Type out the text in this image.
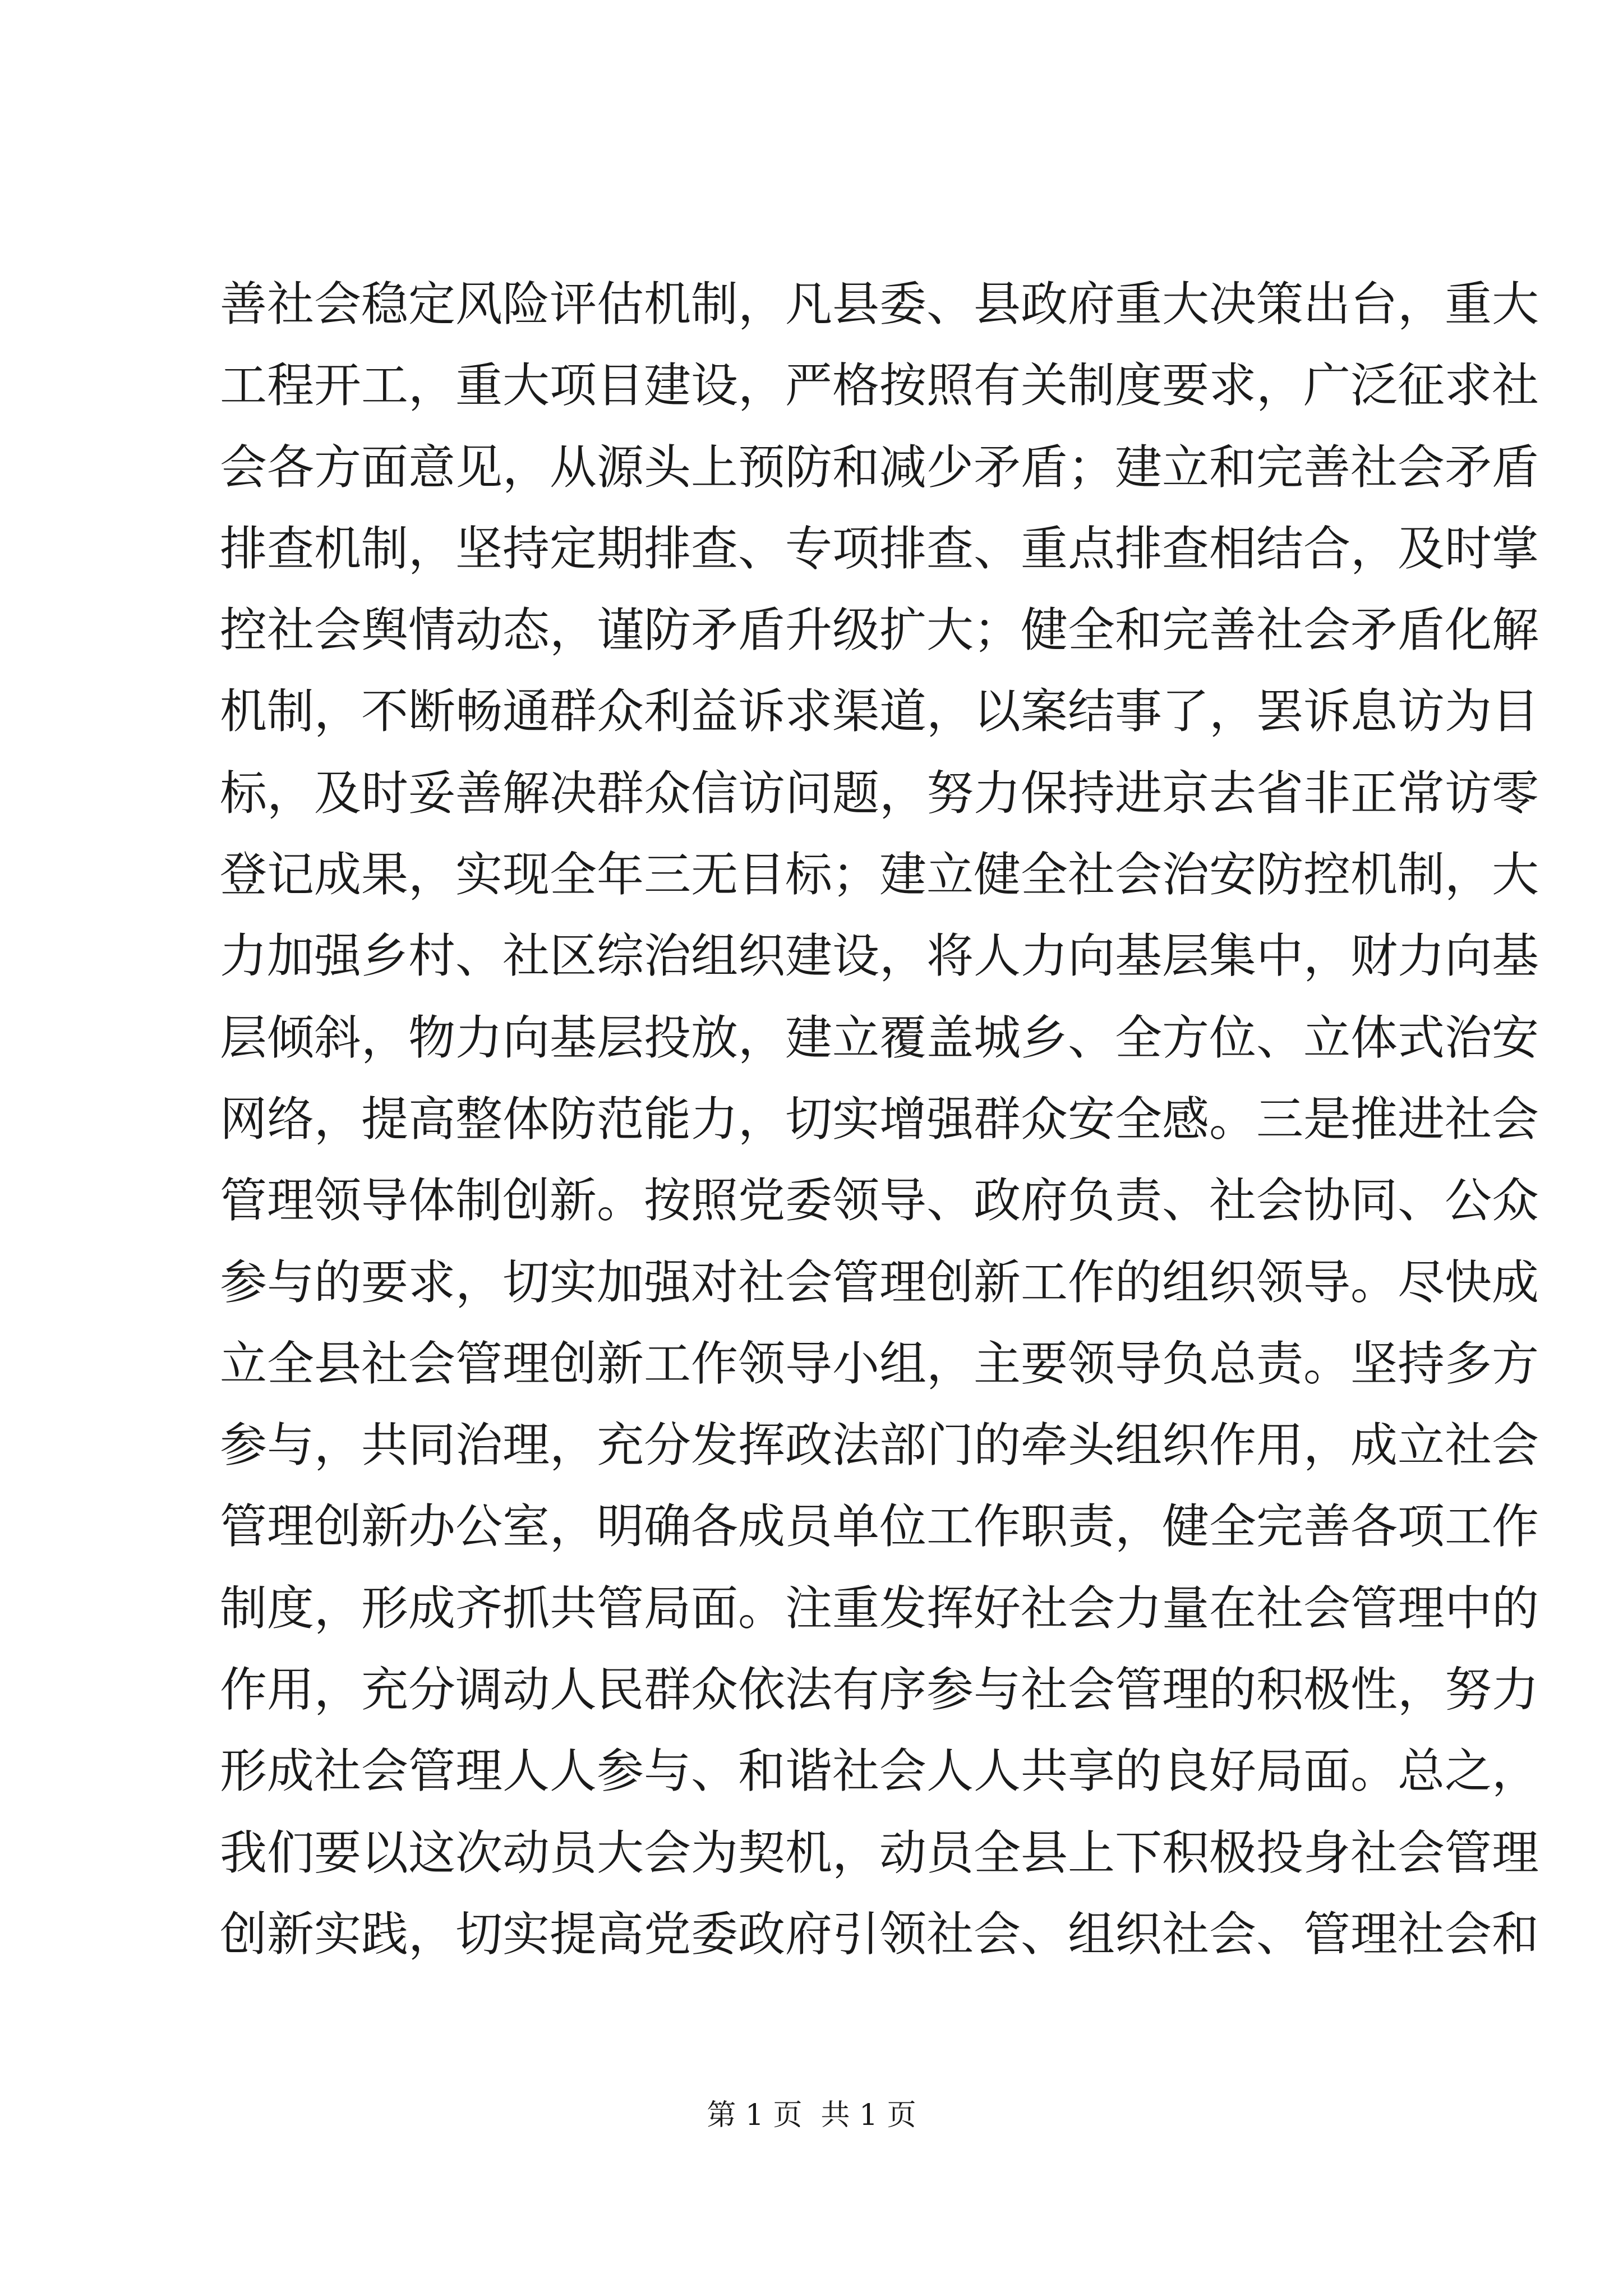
善社会稳定风险评估机制，凡县委、县政府重大决策出台，重大
工程开工，重大项目建设，严格按照有关制度要求，广泛征求社
会各方面意见，从源头上预防和减少矛盾；建立和完善社会矛盾
排查机制，坚持定期排查、专项排查、重点排查相结合，及时掌
控社会舆情动态，谨防矛盾升级扩大；健全和完善社会矛盾化解
机制，不断畅通群众利益诉求渠道，以案结事了，罢诉息访为目
标，及时妥善解决群众信访问题，努力保持进京去省非正常访零
登记成果，实现全年三无目标；建立健全社会治安防控机制，大
力加强乡村、社区综治组织建设，将人力向基层集中，财力向基
层倾斜，物力向基层投放，建立覆盖城乡、全方位、立体式治安
网络，提高整体防范能力，切实增强群众安全感。三是推进社会
管理领导体制创新。按照党委领导、政府负责、社会协同、公众
参与的要求，切实加强对社会管理创新工作的组织领导。尽快成
立全县社会管理创新工作领导小组，主要领导负总责。坚持多方
参与，共同治理，充分发挥政法部门的牵头组织作用，成立社会
管理创新办公室，明确各成员单位工作职责，健全完善各项工作
制度，形成齐抓共管局面。注重发挥好社会力量在社会管理中的
作用，充分调动人民群众依法有序参与社会管理的积极性，努力
形成社会管理人人参与、和谐社会人人共享的良好局面。总之，
我们要以这次动员大会为契机，动员全县上下积极投身社会管理
创新实践，切实提高党委政府引领社会、组织社会、管理社会和
第 1 页  共 1 页
